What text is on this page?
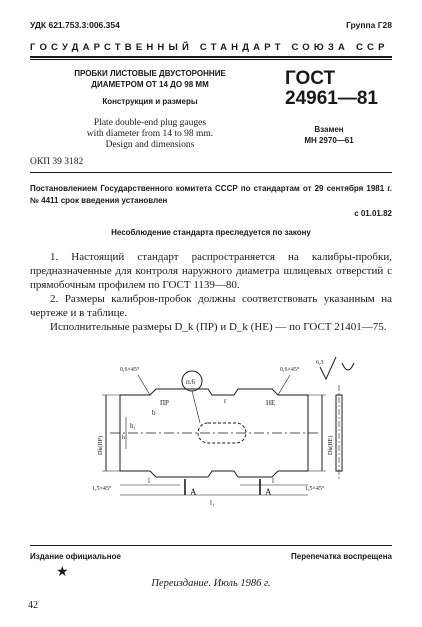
УДК 621.753.3:006.354	Группа Г28
ГОСУДАРСТВЕННЫЙ СТАНДАРТ СОЮЗА ССР
ПРОБКИ ЛИСТОВЫЕ ДВУСТОРОННИЕ
ДИАМЕТРОМ ОТ 14 ДО 98 ММ
Конструкция и размеры
Plate double-end plug gauges
with diameter from 14 to 98 mm.
Design and dimensions
ГОСТ
24961—81
Взамен
МН 2970—61
ОКП 39 3182
Постановлением Государственного комитета СССР по стандартам от 29 сентября 1981 г. № 4411 срок введения установлен
с 01.01.82
Несоблюдение стандарта преследуется по закону
1. Настоящий стандарт распространяется на калибры-пробки, предназначенные для контроля наружного диаметра шлицевых отверстий с прямобочным профилем по ГОСТ 1139—80.
2. Размеры калибров-пробок должны соответствовать указанным на чертеже и в таблице.
Исполнительные размеры D_k (ПР) и D_k (НЕ) — по ГОСТ 21401—75.
п.6
ПР	НЕ
r
h₁
b
l	l
l₁
A	A
1,5×45°	1,5×45°
0,6×45°	0,6×45°
Dk(ПР)	Dk(НЕ)
h
6,3
Издание официальное	Перепечатка воспрещена
★
Переиздание. Июль 1986 г.
42
